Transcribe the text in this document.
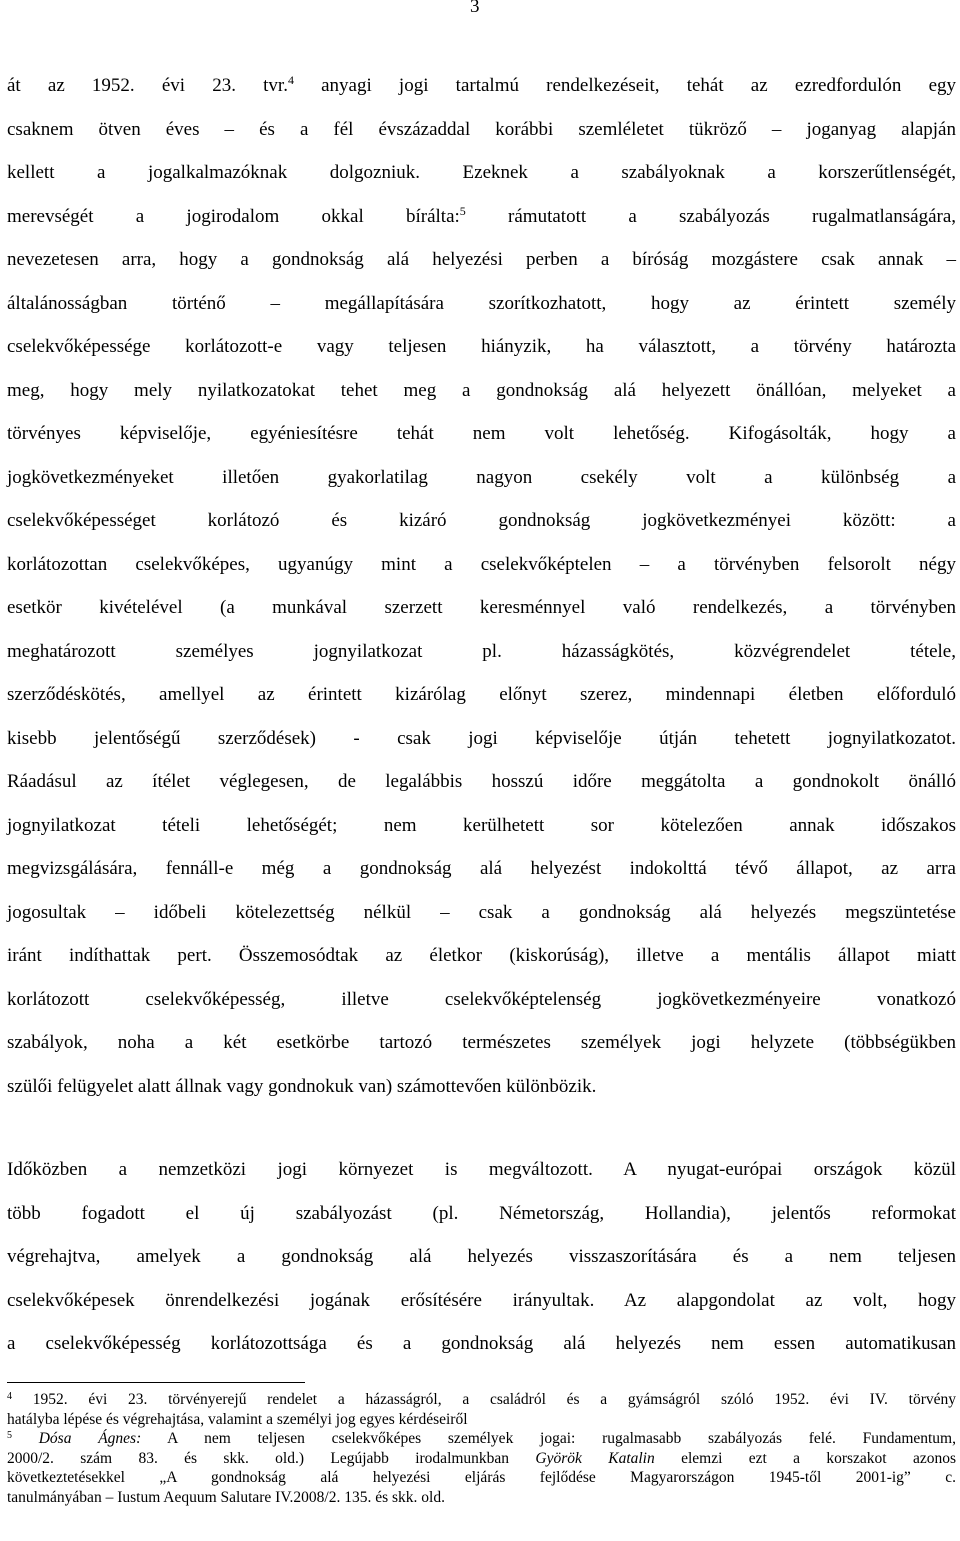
3
át az 1952. évi 23. tvr.$^4$ anyagi jogi tartalmú rendelkezéseit, tehát az ezredfordulón egy
csaknem ötven éves – és a fél évszázaddal korábbi szemléletet tükröző – joganyag alapján
kellett a jogalkalmazóknak dolgozniuk. Ezeknek a szabályoknak a korszerűtlenségét,
merevségét a jogirodalom okkal bírálta:$^5$ rámutatott a szabályozás rugalmatlanságára,
nevezetesen arra, hogy a gondnokság alá helyezési perben a bíróság mozgástere csak annak –
általánosságban történő – megállapítására szorítkozhatott, hogy az érintett személy
cselekvőképessége korlátozott-e vagy teljesen hiányzik, ha választott, a törvény határozta
meg, hogy mely nyilatkozatokat tehet meg a gondnokság alá helyezett önállóan, melyeket a
törvényes képviselője, egyéniesítésre tehát nem volt lehetőség. Kifogásolták, hogy a
jogkövetkezményeket illetően gyakorlatilag nagyon csekély volt a különbség a
cselekvőképességet korlátozó és kizáró gondnokság jogkövetkezményei között: a
korlátozottan cselekvőképes, ugyanúgy mint a cselekvőképtelen – a törvényben felsorolt négy
esetkör kivételével (a munkával szerzett keresménnyel való rendelkezés, a törvényben
meghatározott személyes jognyilatkozat pl. házasságkötés, közvégrendelet tétele,
szerződéskötés, amellyel az érintett kizárólag előnyt szerez, mindennapi életben előforduló
kisebb jelentőségű szerződések) - csak jogi képviselője útján tehetett jognyilatkozatot.
Ráadásul az ítélet véglegesen, de legalábbis hosszú időre meggátolta a gondnokolt önálló
jognyilatkozat tételi lehetőségét; nem kerülhetett sor kötelezően annak időszakos
megvizsgálására, fennáll-e még a gondnokság alá helyezést indokolttá tévő állapot, az arra
jogosultak – időbeli kötelezettség nélkül – csak a gondnokság alá helyezés megszüntetése
iránt indíthattak pert. Összemosódtak az életkor (kiskorúság), illetve a mentális állapot miatt
korlátozott cselekvőképesség, illetve cselekvőképtelenség jogkövetkezményeire vonatkozó
szabályok, noha a két esetkörbe tartozó természetes személyek jogi helyzete (többségükben
szülői felügyelet alatt állnak vagy gondnokuk van) számottevően különbözik.
Időközben a nemzetközi jogi környezet is megváltozott. A nyugat-európai országok közül
több fogadott el új szabályozást (pl. Németország, Hollandia), jelentős reformokat
végrehajtva, amelyek a gondnokság alá helyezés visszaszorítására és a nem teljesen
cselekvőképesek önrendelkezési jogának erősítésére irányultak. Az alapgondolat az volt, hogy
a cselekvőképesség korlátozottsága és a gondnokság alá helyezés nem essen automatikusan
$^4$ 1952. évi 23. törvényerejű rendelet a házasságról, a családról és a gyámságról szóló 1952. évi IV. törvény
hatályba lépése és végrehajtása, valamint a személyi jog egyes kérdéseiről
$^5$ Dósa Ágnes: A nem teljesen cselekvőképes személyek jogai: rugalmasabb szabályozás felé. Fundamentum,
2000/2. szám 83. és skk. old.) Legújabb irodalmunkban Györök Katalin elemzi ezt a korszakot azonos
következtetésekkel „A gondnokság alá helyezési eljárás fejlődése Magyarországon 1945-től 2001-ig” c.
tanulmányában – Iustum Aequum Salutare IV.2008/2. 135. és skk. old.
